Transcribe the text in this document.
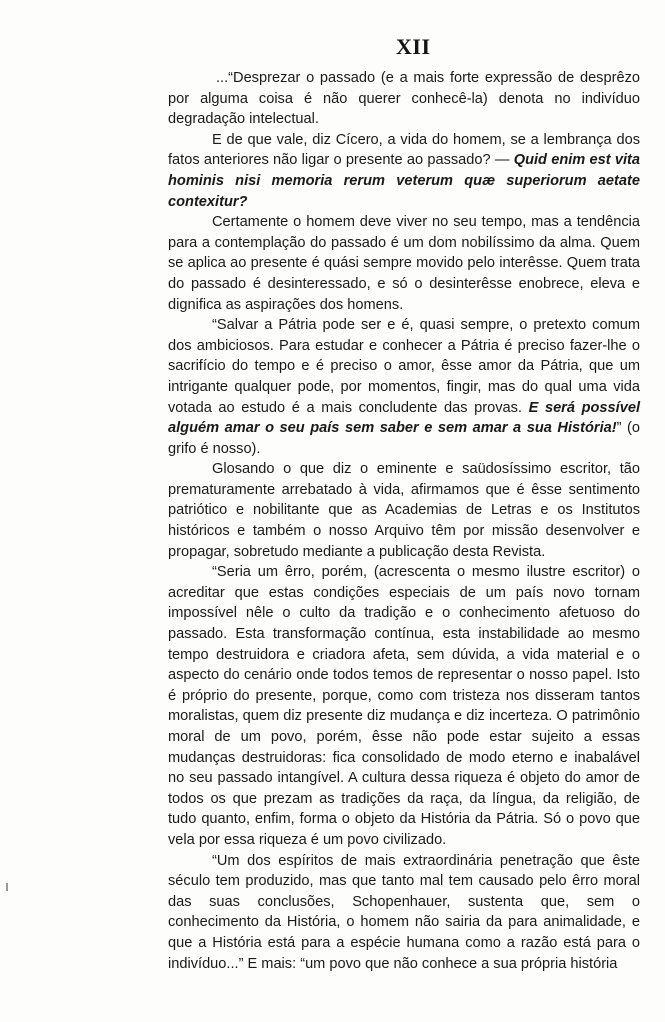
XII

...“Desprezar o passado (e a mais forte expressão de desprêzo por alguma coisa é não querer conhecê-la) denota no indivíduo degradação intelectual.

E de que vale, diz Cícero, a vida do homem, se a lembrança dos fatos anteriores não ligar o presente ao passado? — Quid enim est vita hominis nisi memoria rerum veterum quæ superiorum aetate contexitur?

Certamente o homem deve viver no seu tempo, mas a tendência para a contemplação do passado é um dom nobilíssimo da alma. Quem se aplica ao presente é quási sempre movido pelo interêsse. Quem trata do passado é desinteressado, e só o desinterêsse enobrece, eleva e dignifica as aspirações dos homens.

“Salvar a Pátria pode ser e é, quasi sempre, o pretexto comum dos ambiciosos. Para estudar e conhecer a Pátria é preciso fazer-lhe o sacrifício do tempo e é preciso o amor, êsse amor da Pátria, que um intrigante qualquer pode, por momentos, fingir, mas do qual uma vida votada ao estudo é a mais concludente das provas. E será possível alguém amar o seu país sem saber e sem amar a sua História!” (o grifo é nosso).

Glosando o que diz o eminente e saüdosíssimo escritor, tão prematuramente arrebatado à vida, afirmamos que é êsse sentimento patriótico e nobilitante que as Academias de Letras e os Institutos históricos e também o nosso Arquivo têm por missão desenvolver e propagar, sobretudo mediante a publicação desta Revista.

“Seria um êrro, porém, (acrescenta o mesmo ilustre escritor) o acreditar que estas condições especiais de um país novo tornam impossível nêle o culto da tradição e o conhecimento afetuoso do passado. Esta transformação contínua, esta instabilidade ao mesmo tempo destruidora e criadora afeta, sem dúvida, a vida material e o aspecto do cenário onde todos temos de representar o nosso papel. Isto é próprio do presente, porque, como com tristeza nos disseram tantos moralistas, quem diz presente diz mudança e diz incerteza. O patrimônio moral de um povo, porém, êsse não pode estar sujeito a essas mudanças destruidoras: fica consolidado de modo eterno e inabalável no seu passado intangível. A cultura dessa riqueza é objeto do amor de todos os que prezam as tradições da raça, da língua, da religião, de tudo quanto, enfim, forma o objeto da História da Pátria. Só o povo que vela por essa riqueza é um povo civilizado.

“Um dos espíritos de mais extraordinária penetração que êste século tem produzido, mas que tanto mal tem causado pelo êrro moral das suas conclusões, Schopenhauer, sustenta que, sem o conhecimento da História, o homem não sairia da para animalidade, e que a História está para a espécie humana como a razão está para o indivíduo...” E mais: “um povo que não conhece a sua própria história
